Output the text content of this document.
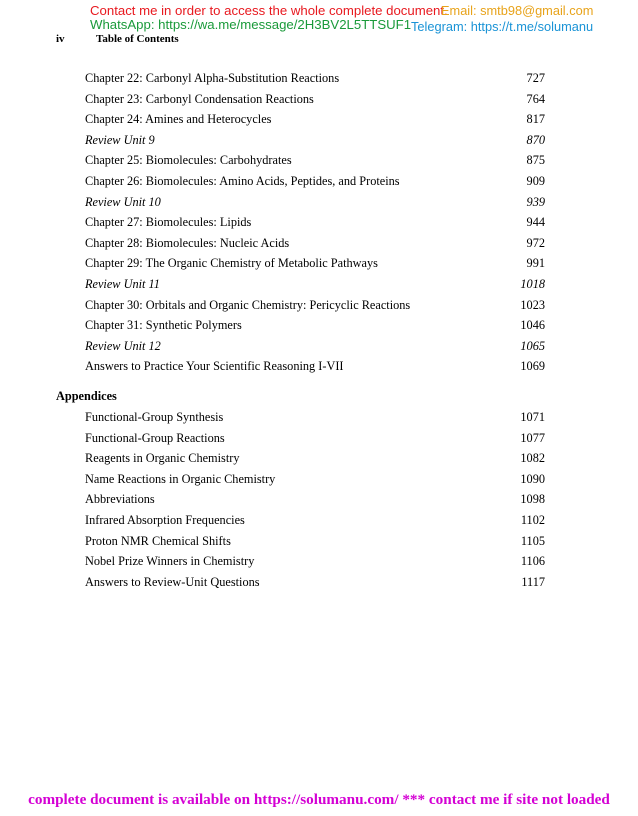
Contact me in order to access the whole complete document.
Email: smtb98@gmail.com
WhatsApp: https://wa.me/message/2H3BV2L5TTSUF1 Telegram: https://t.me/solumanu
iv	Table of Contents
Chapter 22: Carbonyl Alpha-Substitution Reactions	727
Chapter 23: Carbonyl Condensation Reactions	764
Chapter 24: Amines and Heterocycles	817
Review Unit 9	870
Chapter 25: Biomolecules: Carbohydrates	875
Chapter 26: Biomolecules: Amino Acids, Peptides, and Proteins	909
Review Unit 10	939
Chapter 27: Biomolecules: Lipids	944
Chapter 28: Biomolecules: Nucleic Acids	972
Chapter 29: The Organic Chemistry of Metabolic Pathways	991
Review Unit 11	1018
Chapter 30: Orbitals and Organic Chemistry: Pericyclic Reactions	1023
Chapter 31: Synthetic Polymers	1046
Review Unit 12	1065
Answers to Practice Your Scientific Reasoning I-VII	1069
Appendices
Functional-Group Synthesis	1071
Functional-Group Reactions	1077
Reagents in Organic Chemistry	1082
Name Reactions in Organic Chemistry	1090
Abbreviations	1098
Infrared Absorption Frequencies	1102
Proton NMR Chemical Shifts	1105
Nobel Prize Winners in Chemistry	1106
Answers to Review-Unit Questions	1117
complete document is available on https://solumanu.com/ *** contact me if site not loaded
